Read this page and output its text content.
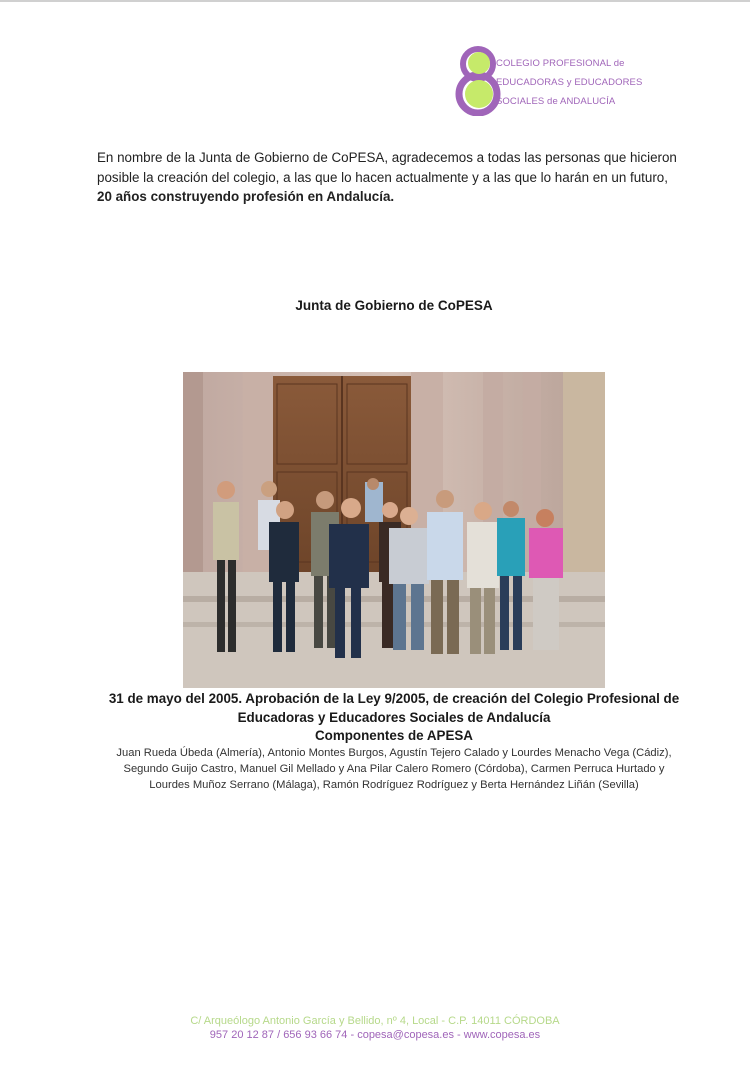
COLEGIO PROFESIONAL de
EDUCADORAS y EDUCADORES
SOCIALES de ANDALUCÍA
En nombre de la Junta de Gobierno de CoPESA, agradecemos a todas las personas que hicieron posible la creación del colegio, a las que lo hacen actualmente y a las que lo harán en un futuro,
20 años construyendo profesión en Andalucía.
Junta de Gobierno de CoPESA
31 de mayo del 2005. Aprobación de la Ley 9/2005, de creación del Colegio Profesional de
Educadoras y Educadores Sociales de Andalucía
Componentes de APESA
Juan Rueda Úbeda (Almería), Antonio Montes Burgos, Agustín Tejero Calado y Lourdes Menacho Vega (Cádiz), Segundo Guijo Castro, Manuel Gil Mellado y Ana Pilar Calero Romero (Córdoba), Carmen Perruca Hurtado y Lourdes Muñoz Serrano (Málaga), Ramón Rodríguez Rodríguez y Berta Hernández Liñán (Sevilla)
C/ Arqueólogo Antonio García y Bellido, nº 4, Local - C.P. 14011 CÓRDOBA
957 20 12 87 / 656 93 66 74 - copesa@copesa.es - www.copesa.es
